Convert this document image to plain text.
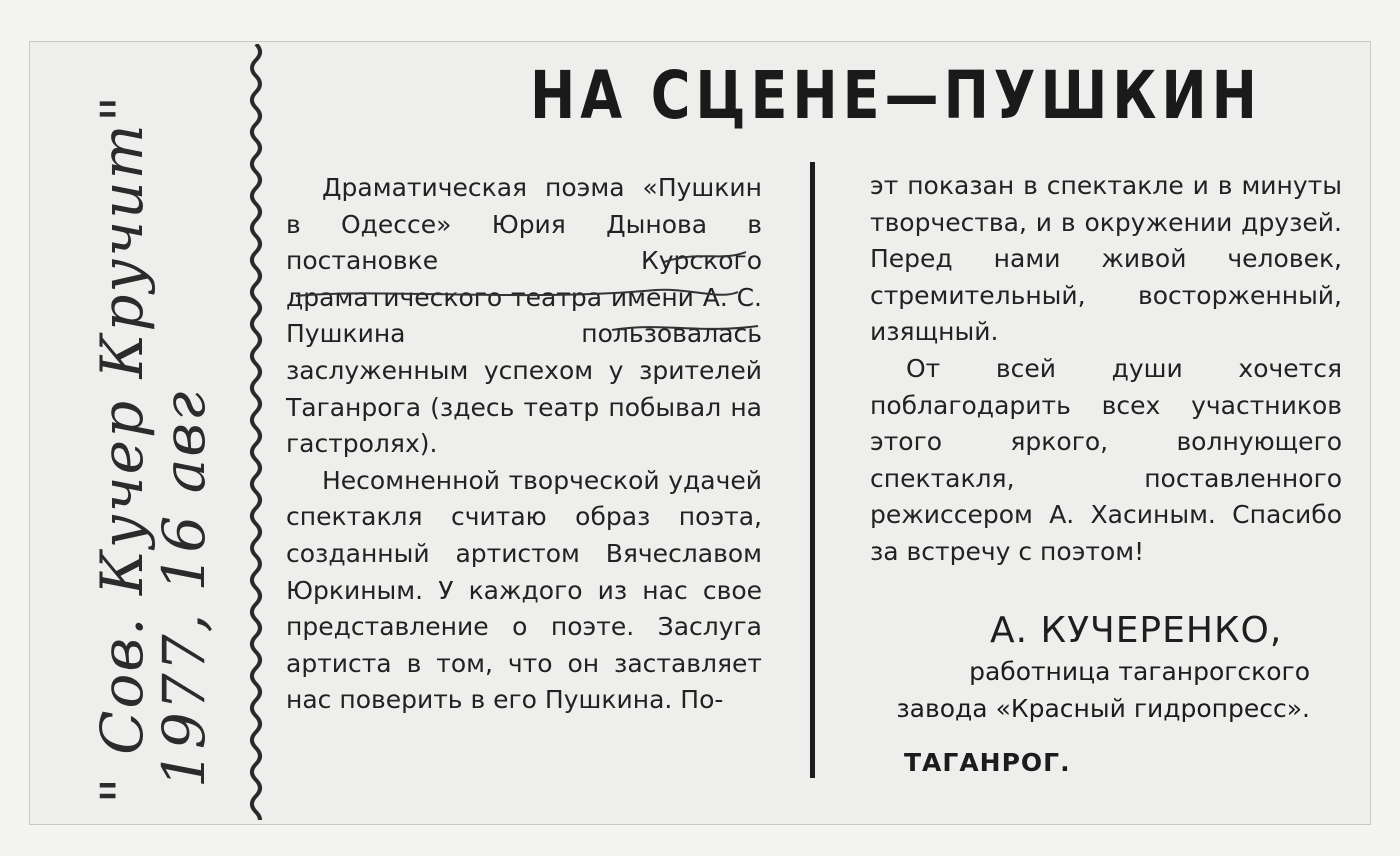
" Сов. Кучер Кручит"
1977, 16 авг
НА СЦЕНЕ—ПУШКИН

Драматическая поэма «Пушкин в Одессе» Юрия Дынова в постановке Курского драматического театра имени А. С. Пушкина пользовалась заслуженным успехом у зрителей Таганрога (здесь театр побывал на гастролях).

Несомненной творческой удачей спектакля считаю образ поэта, созданный артистом Вячеславом Юркиным. У каждого из нас свое представление о поэте. Заслуга артиста в том, что он заставляет нас поверить в его Пушкина. По-

эт показан в спектакле и в минуты творчества, и в окружении друзей. Перед нами живой человек, стремительный, восторженный, изящный.

От всей души хочется поблагодарить всех участников этого яркого, волнующего спектакля, поставленного режиссером А. Хасиным. Спасибо за встречу с поэтом!

А. КУЧЕРЕНКО,
работница таганрогского завода «Красный гидропресс».
ТАГАНРОГ.
